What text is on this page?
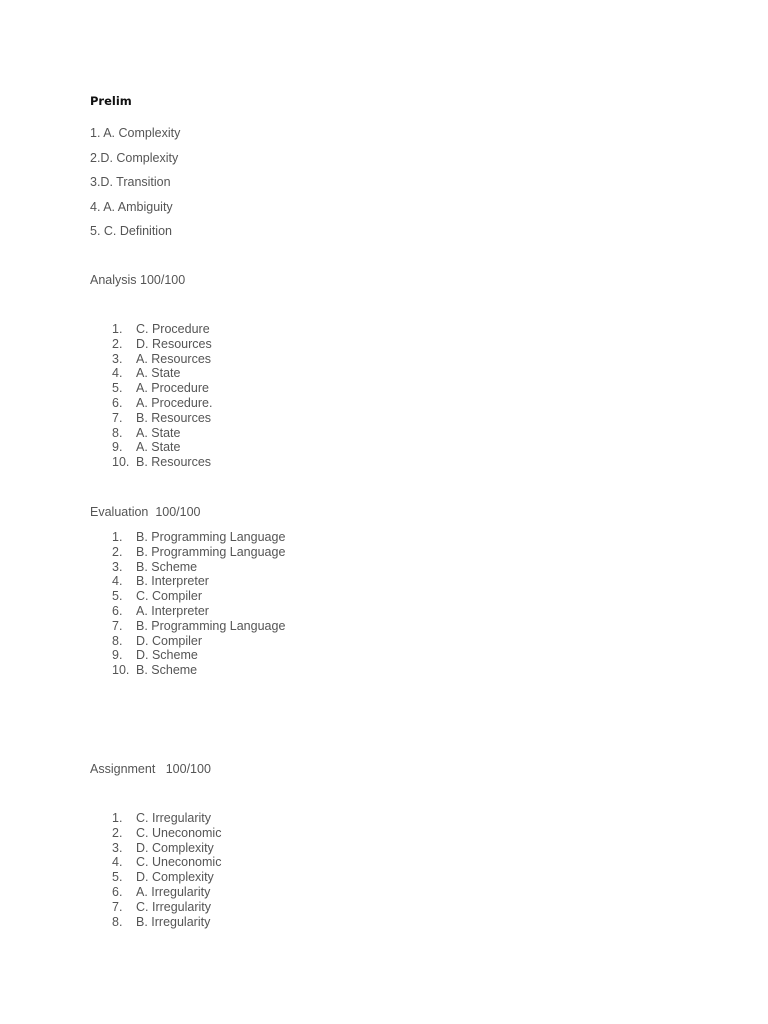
Prelim
1. A. Complexity
2.D. Complexity
3.D. Transition
4. A. Ambiguity
5. C. Definition
Analysis 100/100
1. C. Procedure
2. D. Resources
3. A. Resources
4. A. State
5. A. Procedure
6. A. Procedure.
7. B. Resources
8. A. State
9. A. State
10. B. Resources
Evaluation  100/100
1. B. Programming Language
2. B. Programming Language
3. B. Scheme
4. B. Interpreter
5. C. Compiler
6. A. Interpreter
7. B. Programming Language
8. D. Compiler
9. D. Scheme
10. B. Scheme
Assignment   100/100
1. C. Irregularity
2. C. Uneconomic
3. D. Complexity
4. C. Uneconomic
5. D. Complexity
6. A. Irregularity
7. C. Irregularity
8. B. Irregularity
